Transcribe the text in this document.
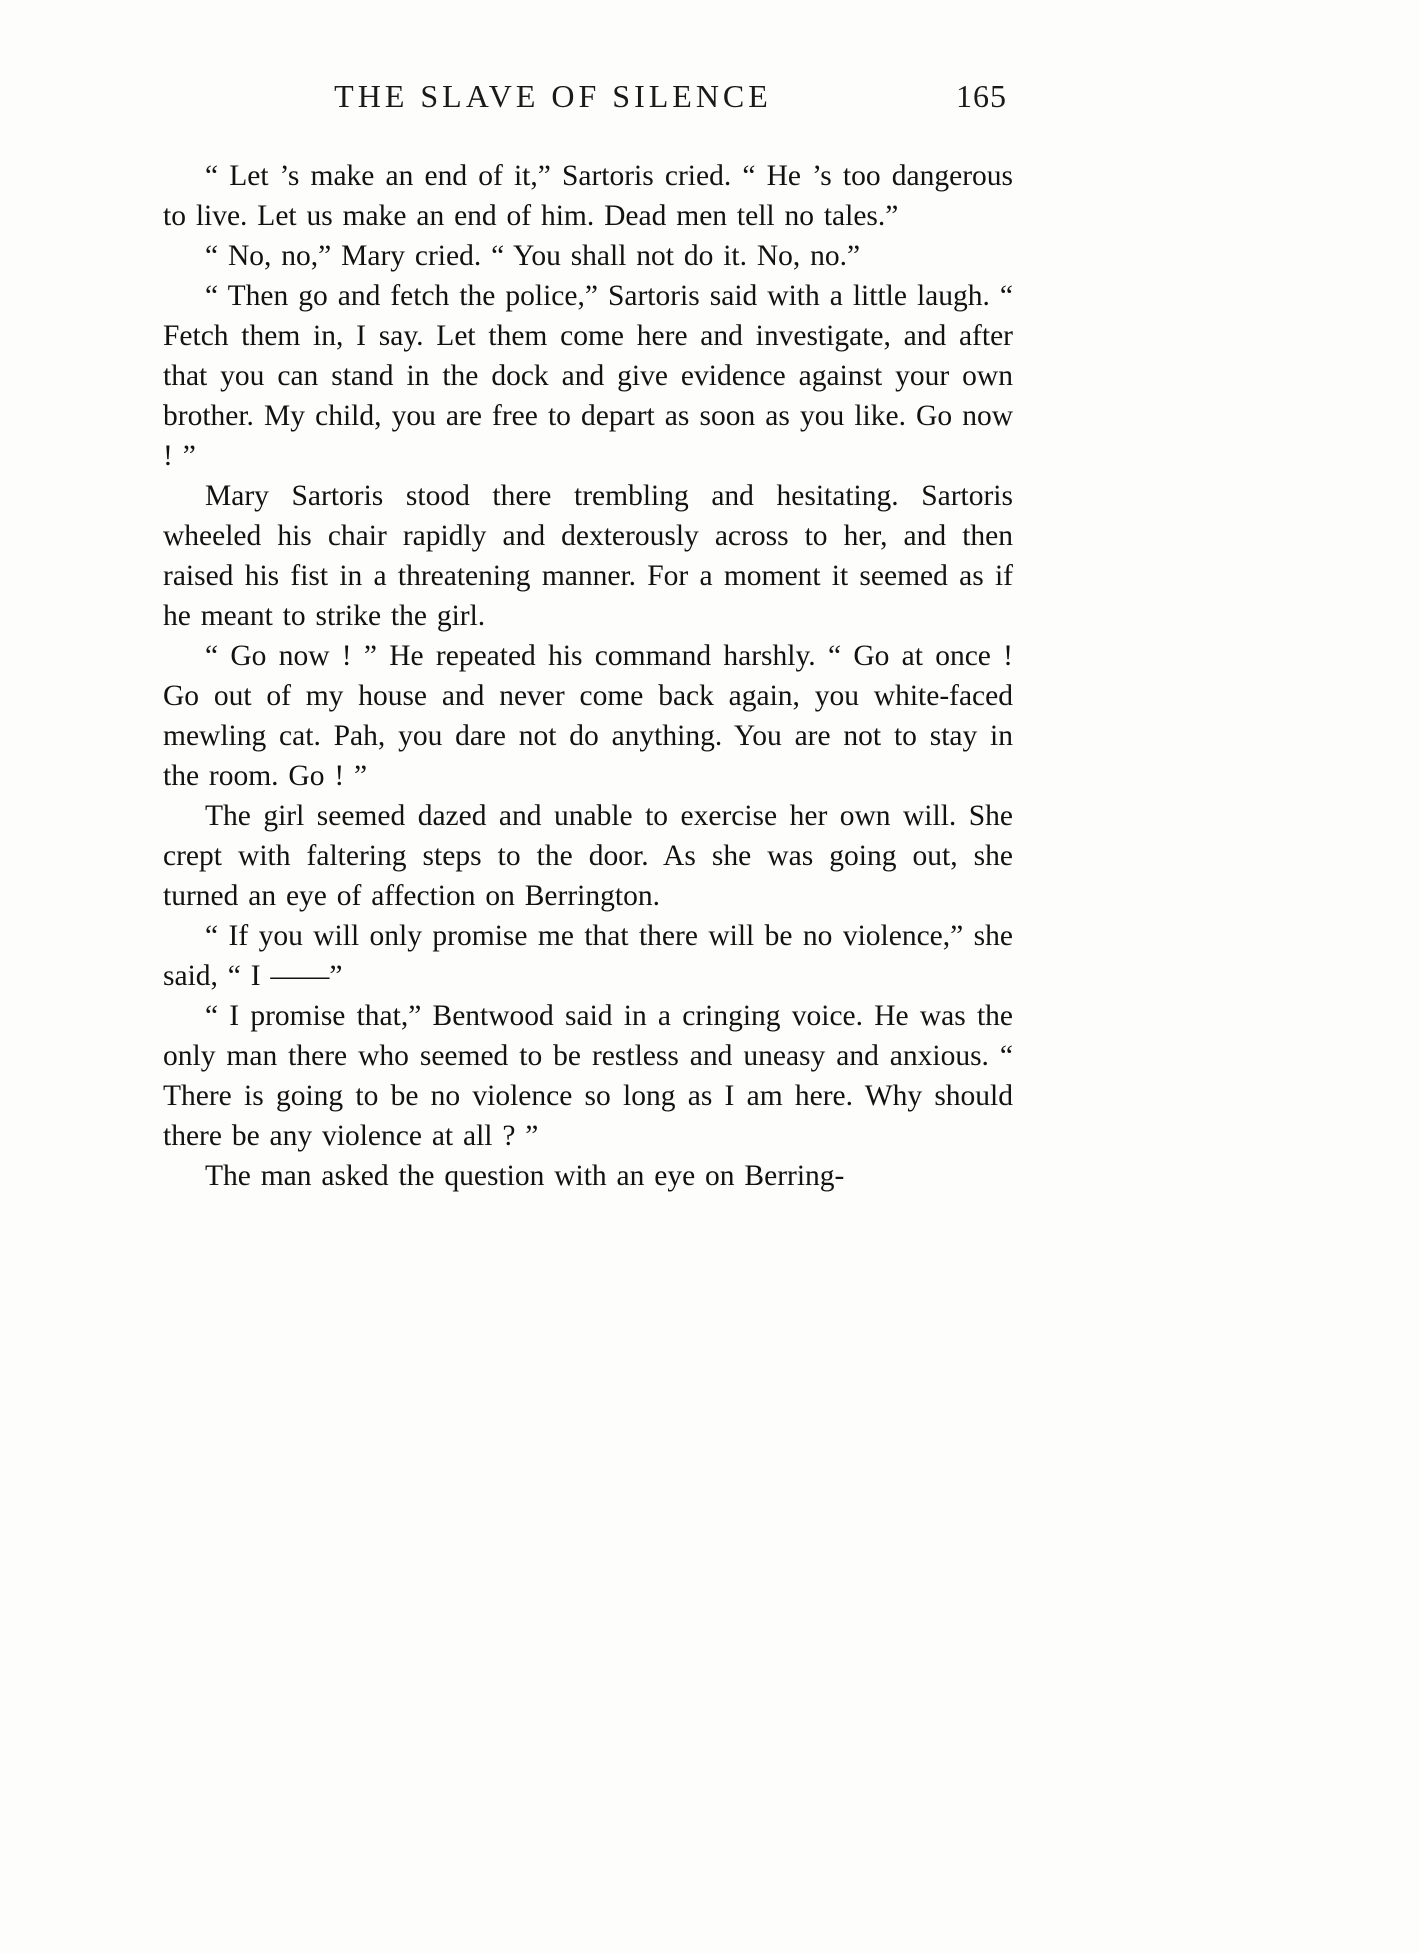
THE SLAVE OF SILENCE	165

“ Let ’s make an end of it,” Sartoris cried. “ He ’s too dangerous to live. Let us make an end of him. Dead men tell no tales.”

“ No, no,” Mary cried. “ You shall not do it. No, no.”

“ Then go and fetch the police,” Sartoris said with a little laugh. “ Fetch them in, I say. Let them come here and investigate, and after that you can stand in the dock and give evidence against your own brother. My child, you are free to depart as soon as you like. Go now ! ”

Mary Sartoris stood there trembling and hesitating. Sartoris wheeled his chair rapidly and dexterously across to her, and then raised his fist in a threatening manner. For a moment it seemed as if he meant to strike the girl.

“ Go now ! ” He repeated his command harshly. “ Go at once ! Go out of my house and never come back again, you white-faced mewling cat. Pah, you dare not do anything. You are not to stay in the room. Go ! ”

The girl seemed dazed and unable to exercise her own will. She crept with faltering steps to the door. As she was going out, she turned an eye of affection on Berrington.

“ If you will only promise me that there will be no violence,” she said, “ I ——”

“ I promise that,” Bentwood said in a cringing voice. He was the only man there who seemed to be restless and uneasy and anxious. “ There is going to be no violence so long as I am here. Why should there be any violence at all ? ”

The man asked the question with an eye on Berring-
